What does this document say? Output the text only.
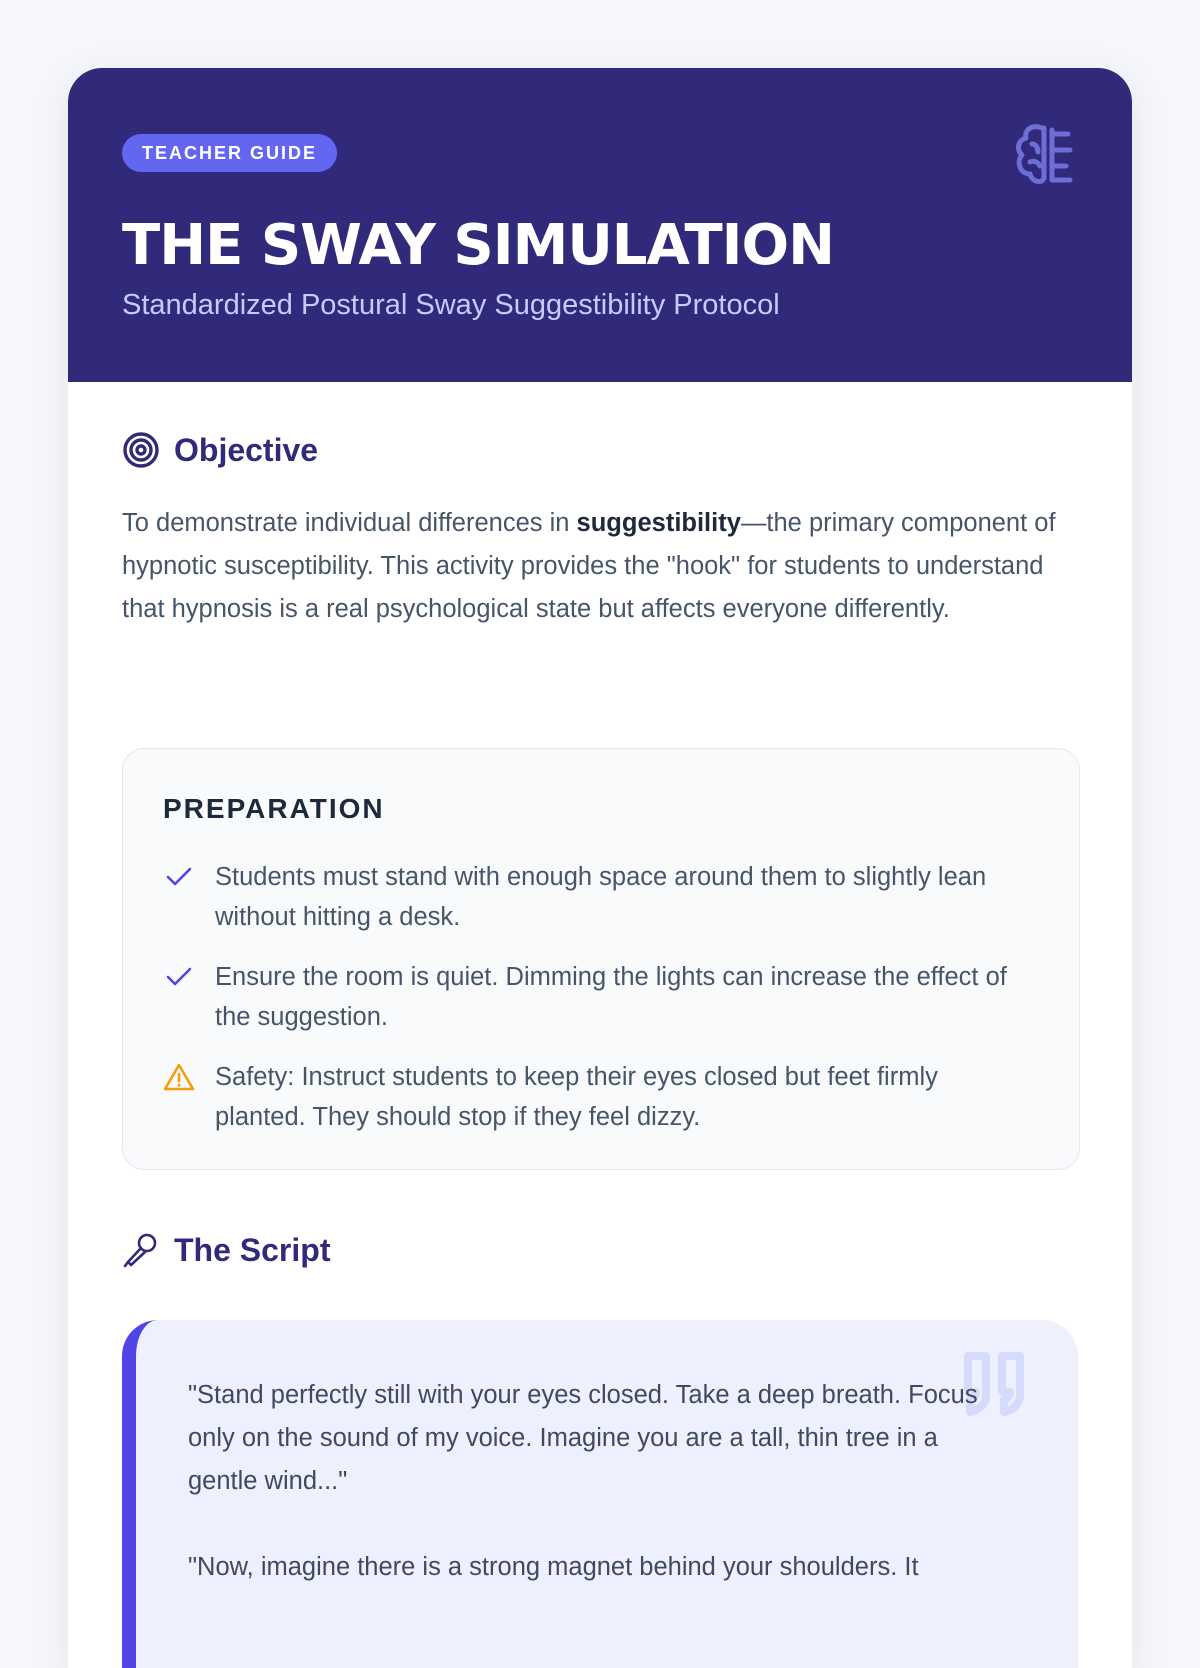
TEACHER GUIDE
THE SWAY SIMULATION

Standardized Postural Sway Suggestibility Protocol

Objective

To demonstrate individual differences in suggestibility—the primary component of hypnotic susceptibility. This activity provides the "hook" for students to understand that hypnosis is a real psychological state but affects everyone differently.

PREPARATION
Students must stand with enough space around them to slightly lean without hitting a desk.
Ensure the room is quiet. Dimming the lights can increase the effect of the suggestion.
Safety: Instruct students to keep their eyes closed but feet firmly planted. They should stop if they feel dizzy.
The Script

"Stand perfectly still with your eyes closed. Take a deep breath. Focus only on the sound of my voice. Imagine you are a tall, thin tree in a gentle wind..."

"Now, imagine there is a strong magnet behind your shoulders. It
